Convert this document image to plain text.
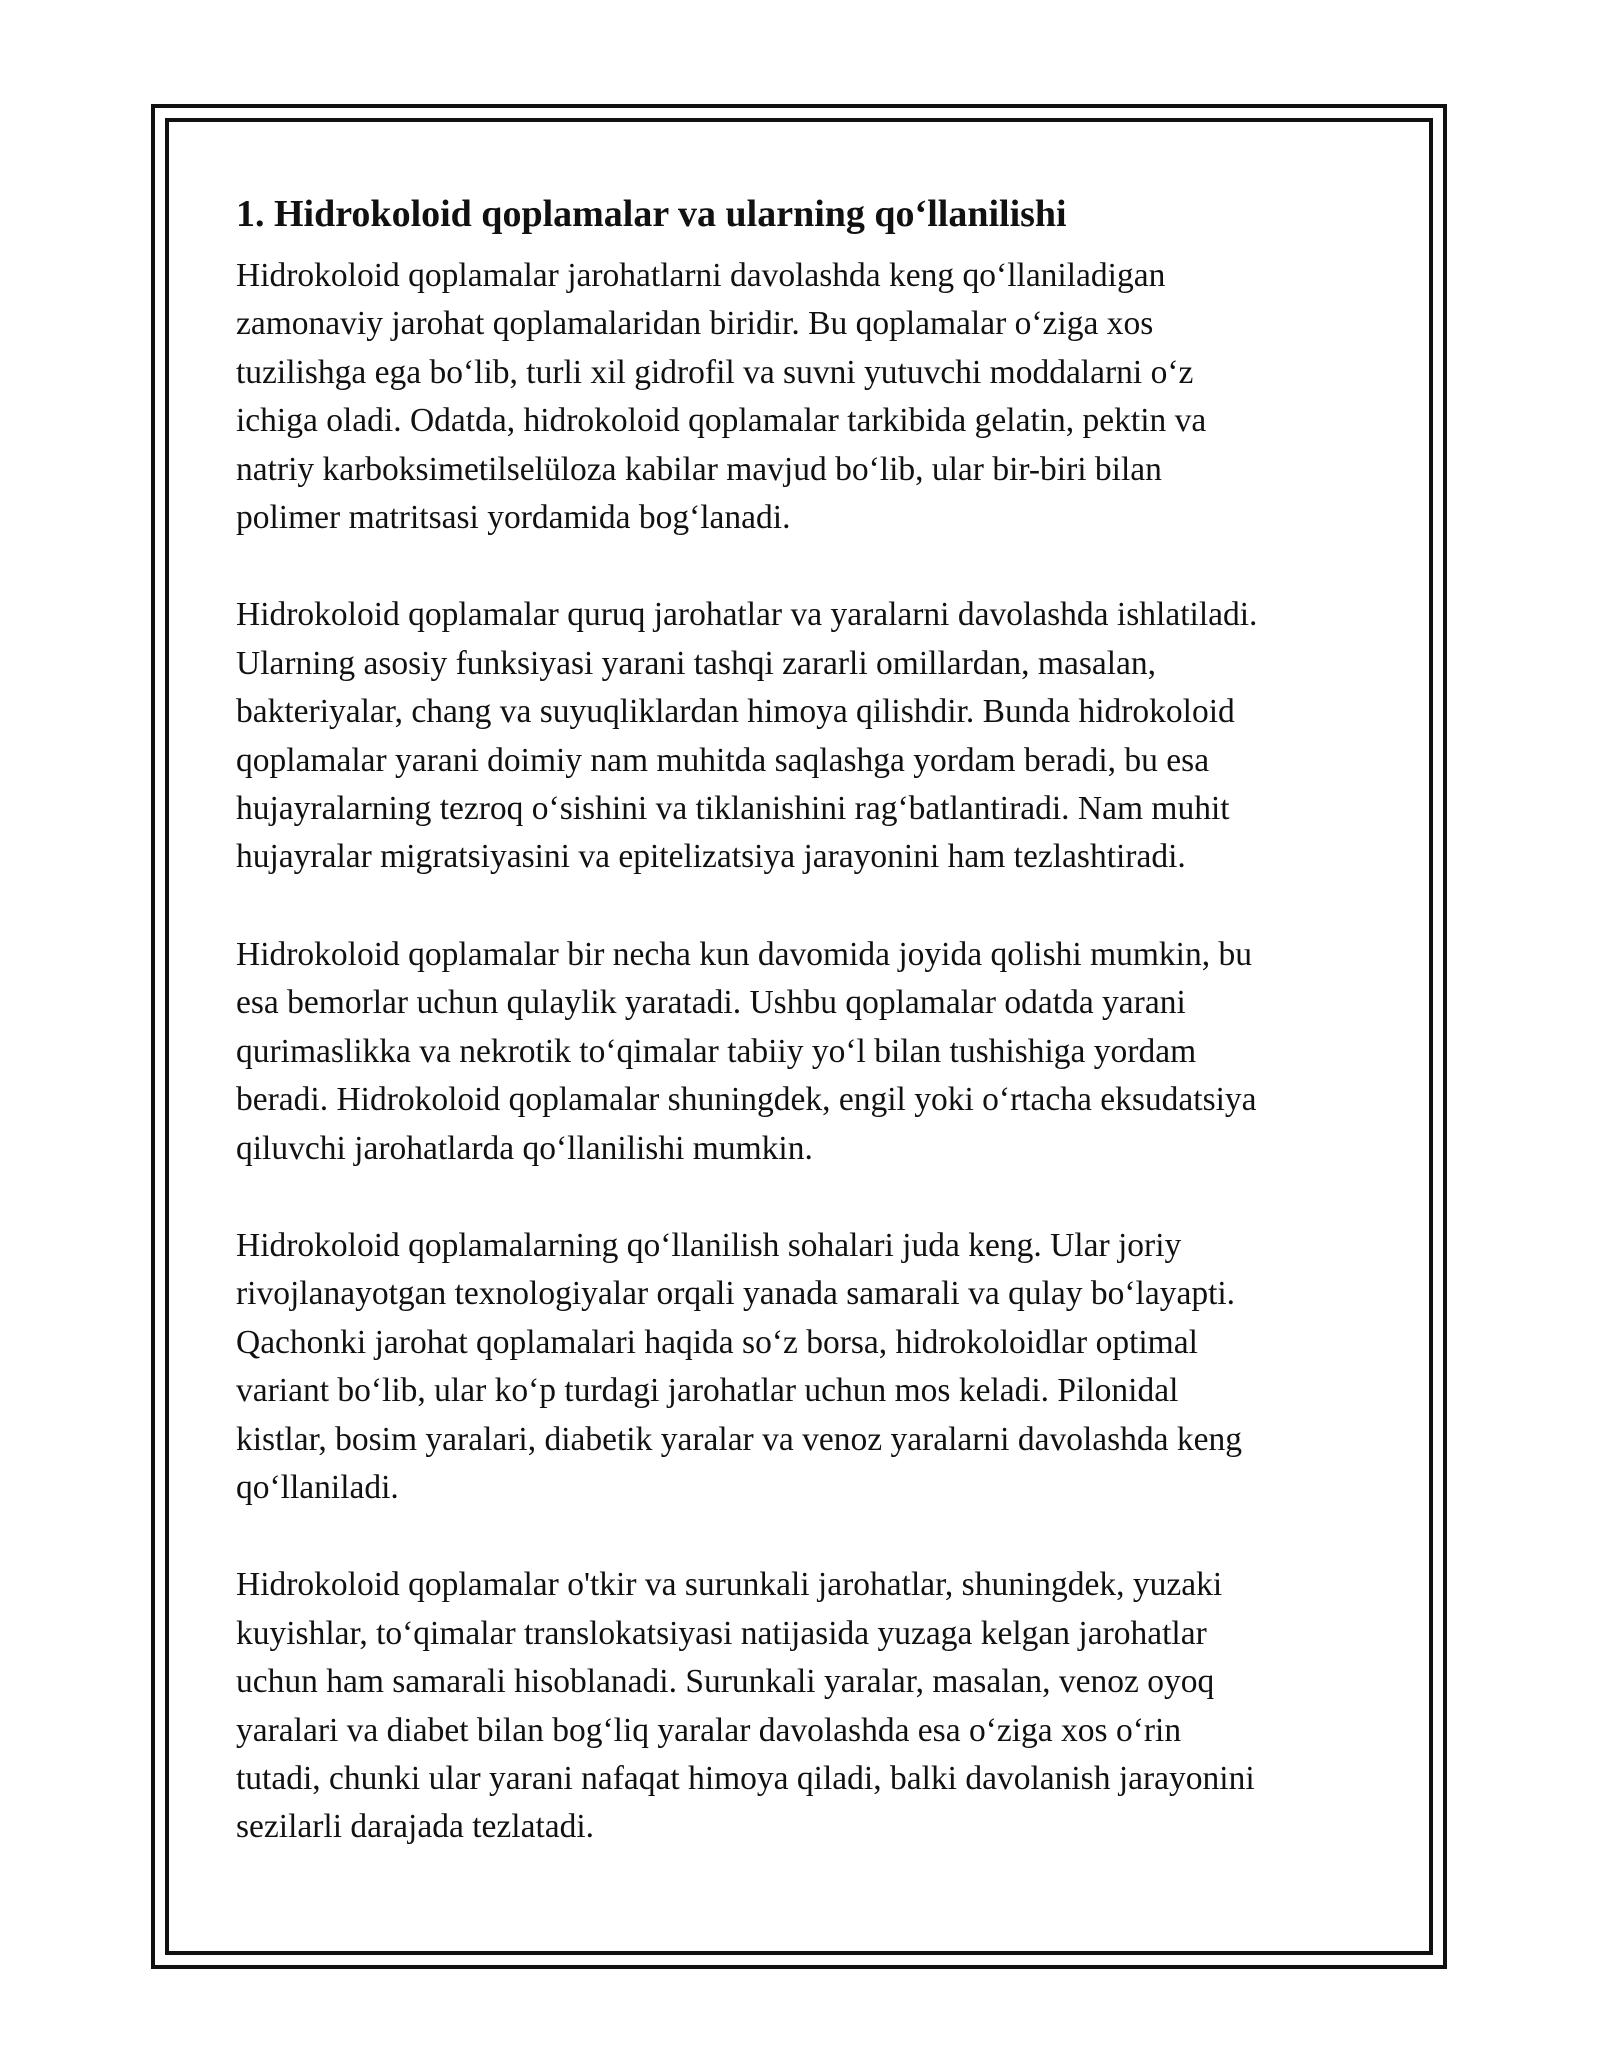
1. Hidrokoloid qoplamalar va ularning qo‘llanilishi

Hidrokoloid qoplamalar jarohatlarni davolashda keng qo‘llaniladigan
zamonaviy jarohat qoplamalaridan biridir. Bu qoplamalar o‘ziga xos
tuzilishga ega bo‘lib, turli xil gidrofil va suvni yutuvchi moddalarni o‘z
ichiga oladi. Odatda, hidrokoloid qoplamalar tarkibida gelatin, pektin va
natriy karboksimetilselülоza kabilar mavjud bo‘lib, ular bir-biri bilan
polimer matritsasi yordamida bog‘lanadi.

Hidrokoloid qoplamalar quruq jarohatlar va yaralarni davolashda ishlatiladi.
Ularning asosiy funksiyasi yarani tashqi zararli omillardan, masalan,
bakteriyalar, chang va suyuqliklardan himoya qilishdir. Bunda hidrokoloid
qoplamalar yarani doimiy nam muhitda saqlashga yordam beradi, bu esa
hujayralarning tezroq o‘sishini va tiklanishini rag‘batlantiradi. Nam muhit
hujayralar migratsiyasini va epitelizatsiya jarayonini ham tezlashtiradi.

Hidrokoloid qoplamalar bir necha kun davomida joyida qolishi mumkin, bu
esa bemorlar uchun qulaylik yaratadi. Ushbu qoplamalar odatda yarani
qurimaslikka va nekrotik to‘qimalar tabiiy yo‘l bilan tushishiga yordam
beradi. Hidrokoloid qoplamalar shuningdek, engil yoki o‘rtacha eksudatsiya
qiluvchi jarohatlarda qo‘llanilishi mumkin.

Hidrokoloid qoplamalarning qo‘llanilish sohalari juda keng. Ular joriy
rivojlanayotgan texnologiyalar orqali yanada samarali va qulay bo‘layapti.
Qachonki jarohat qoplamalari haqida so‘z borsa, hidrokoloidlar optimal
variant bo‘lib, ular ko‘p turdagi jarohatlar uchun mos keladi. Pilonidal
kistlar, bosim yaralari, diabetik yaralar va venoz yaralarni davolashda keng
qo‘llaniladi.

Hidrokoloid qoplamalar o'tkir va surunkali jarohatlar, shuningdek, yuzaki
kuyishlar, to‘qimalar translokatsiyasi natijasida yuzaga kelgan jarohatlar
uchun ham samarali hisoblanadi. Surunkali yaralar, masalan, venoz oyoq
yaralari va diabet bilan bog‘liq yaralar davolashda esa o‘ziga xos o‘rin
tutadi, chunki ular yarani nafaqat himoya qiladi, balki davolanish jarayonini
sezilarli darajada tezlatadi.
